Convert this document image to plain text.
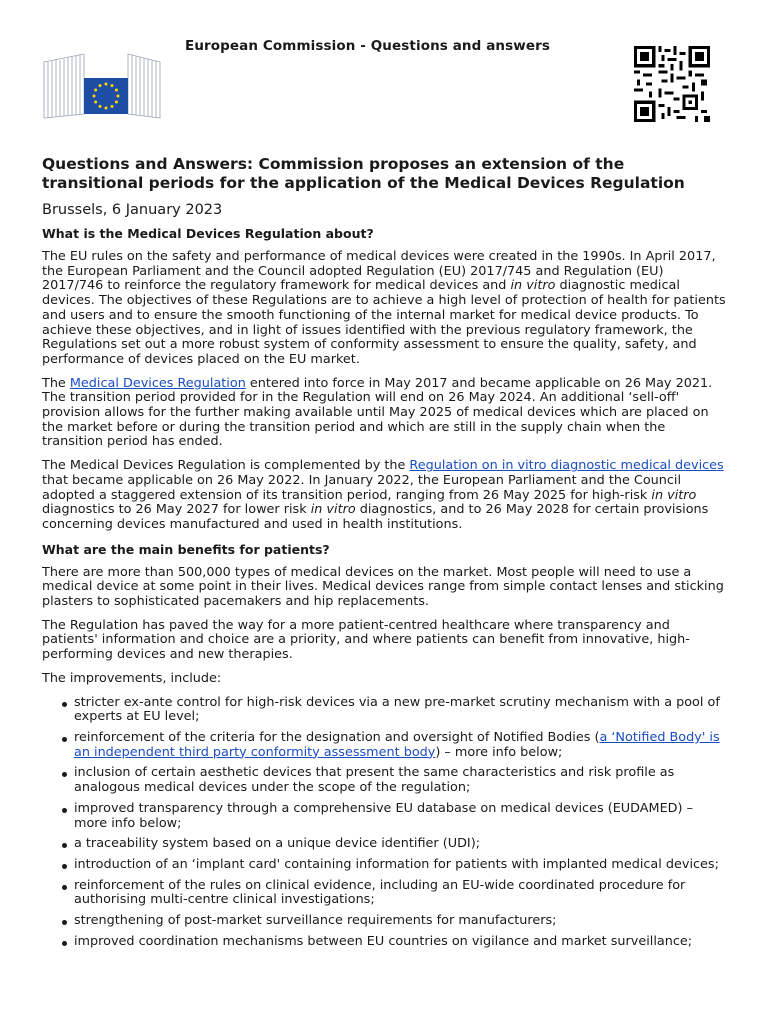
European Commission - Questions and answers
Questions and Answers: Commission proposes an extension of the transitional periods for the application of the Medical Devices Regulation
Brussels, 6 January 2023
What is the Medical Devices Regulation about?

The EU rules on the safety and performance of medical devices were created in the 1990s. In April 2017, the European Parliament and the Council adopted Regulation (EU) 2017/745 and Regulation (EU) 2017/746 to reinforce the regulatory framework for medical devices and in vitro diagnostic medical devices. The objectives of these Regulations are to achieve a high level of protection of health for patients and users and to ensure the smooth functioning of the internal market for medical device products. To achieve these objectives, and in light of issues identified with the previous regulatory framework, the Regulations set out a more robust system of conformity assessment to ensure the quality, safety, and performance of devices placed on the EU market.

The Medical Devices Regulation entered into force in May 2017 and became applicable on 26 May 2021. The transition period provided for in the Regulation will end on 26 May 2024. An additional ‘sell-off' provision allows for the further making available until May 2025 of medical devices which are placed on the market before or during the transition period and which are still in the supply chain when the transition period has ended.

The Medical Devices Regulation is complemented by the Regulation on in vitro diagnostic medical devices that became applicable on 26 May 2022. In January 2022, the European Parliament and the Council adopted a staggered extension of its transition period, ranging from 26 May 2025 for high-risk in vitro diagnostics to 26 May 2027 for lower risk in vitro diagnostics, and to 26 May 2028 for certain provisions concerning devices manufactured and used in health institutions.

What are the main benefits for patients?

There are more than 500,000 types of medical devices on the market. Most people will need to use a medical device at some point in their lives. Medical devices range from simple contact lenses and sticking plasters to sophisticated pacemakers and hip replacements.

The Regulation has paved the way for a more patient-centred healthcare where transparency and patients' information and choice are a priority, and where patients can benefit from innovative, high-performing devices and new therapies.

The improvements, include:

stricter ex-ante control for high-risk devices via a new pre-market scrutiny mechanism with a pool of experts at EU level;
reinforcement of the criteria for the designation and oversight of Notified Bodies (a ‘Notified Body' is an independent third party conformity assessment body) – more info below;
inclusion of certain aesthetic devices that present the same characteristics and risk profile as analogous medical devices under the scope of the regulation;
improved transparency through a comprehensive EU database on medical devices (EUDAMED) –more info below;
a traceability system based on a unique device identifier (UDI);
introduction of an ‘implant card' containing information for patients with implanted medical devices;
reinforcement of the rules on clinical evidence, including an EU-wide coordinated procedure for authorising multi-centre clinical investigations;
strengthening of post-market surveillance requirements for manufacturers;
improved coordination mechanisms between EU countries on vigilance and market surveillance;
